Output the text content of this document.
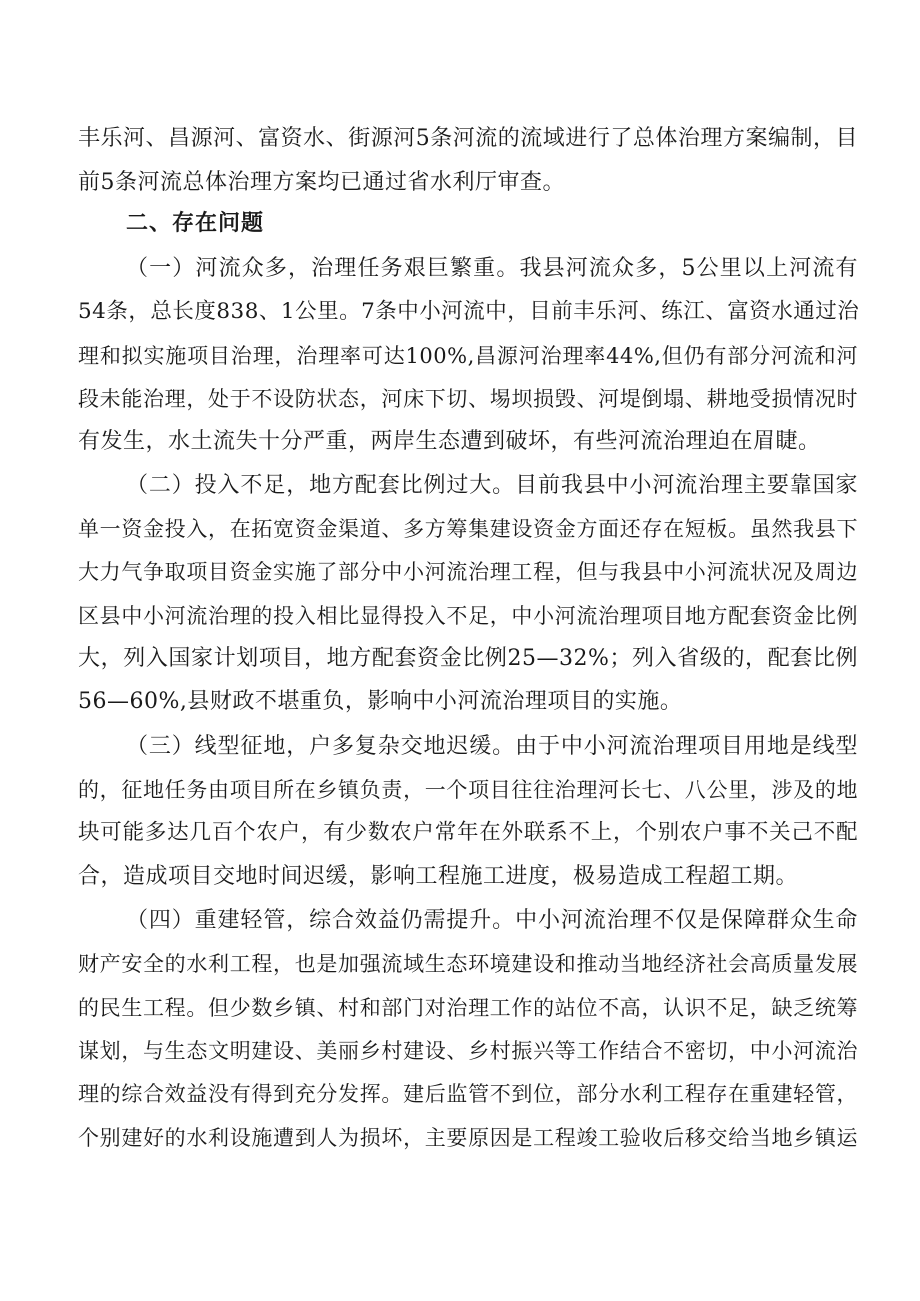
丰乐河、昌源河、富资水、街源河5条河流的流域进行了总体治理方案编制，目
前5条河流总体治理方案均已通过省水利厅审查。
二、存在问题
（一）河流众多，治理任务艰巨繁重。我县河流众多，5公里以上河流有
54条，总长度838、1公里。7条中小河流中，目前丰乐河、练江、富资水通过治
理和拟实施项目治理，治理率可达100%,昌源河治理率44%,但仍有部分河流和河
段未能治理，处于不设防状态，河床下切、埸坝损毁、河堤倒塌、耕地受损情况时
有发生，水土流失十分严重，两岸生态遭到破坏，有些河流治理迫在眉睫。
（二）投入不足，地方配套比例过大。目前我县中小河流治理主要靠国家
单一资金投入，在拓宽资金渠道、多方筹集建设资金方面还存在短板。虽然我县下
大力气争取项目资金实施了部分中小河流治理工程，但与我县中小河流状况及周边
区县中小河流治理的投入相比显得投入不足，中小河流治理项目地方配套资金比例
大，列入国家计划项目，地方配套资金比例25—32%；列入省级的，配套比例
56—60%,县财政不堪重负，影响中小河流治理项目的实施。
（三）线型征地，户多复杂交地迟缓。由于中小河流治理项目用地是线型
的，征地任务由项目所在乡镇负责，一个项目往往治理河长七、八公里，涉及的地
块可能多达几百个农户，有少数农户常年在外联系不上，个别农户事不关己不配
合，造成项目交地时间迟缓，影响工程施工进度，极易造成工程超工期。
（四）重建轻管，综合效益仍需提升。中小河流治理不仅是保障群众生命
财产安全的水利工程，也是加强流域生态环境建设和推动当地经济社会高质量发展
的民生工程。但少数乡镇、村和部门对治理工作的站位不高，认识不足，缺乏统筹
谋划，与生态文明建设、美丽乡村建设、乡村振兴等工作结合不密切，中小河流治
理的综合效益没有得到充分发挥。建后监管不到位，部分水利工程存在重建轻管，
个别建好的水利设施遭到人为损坏，主要原因是工程竣工验收后移交给当地乡镇运
